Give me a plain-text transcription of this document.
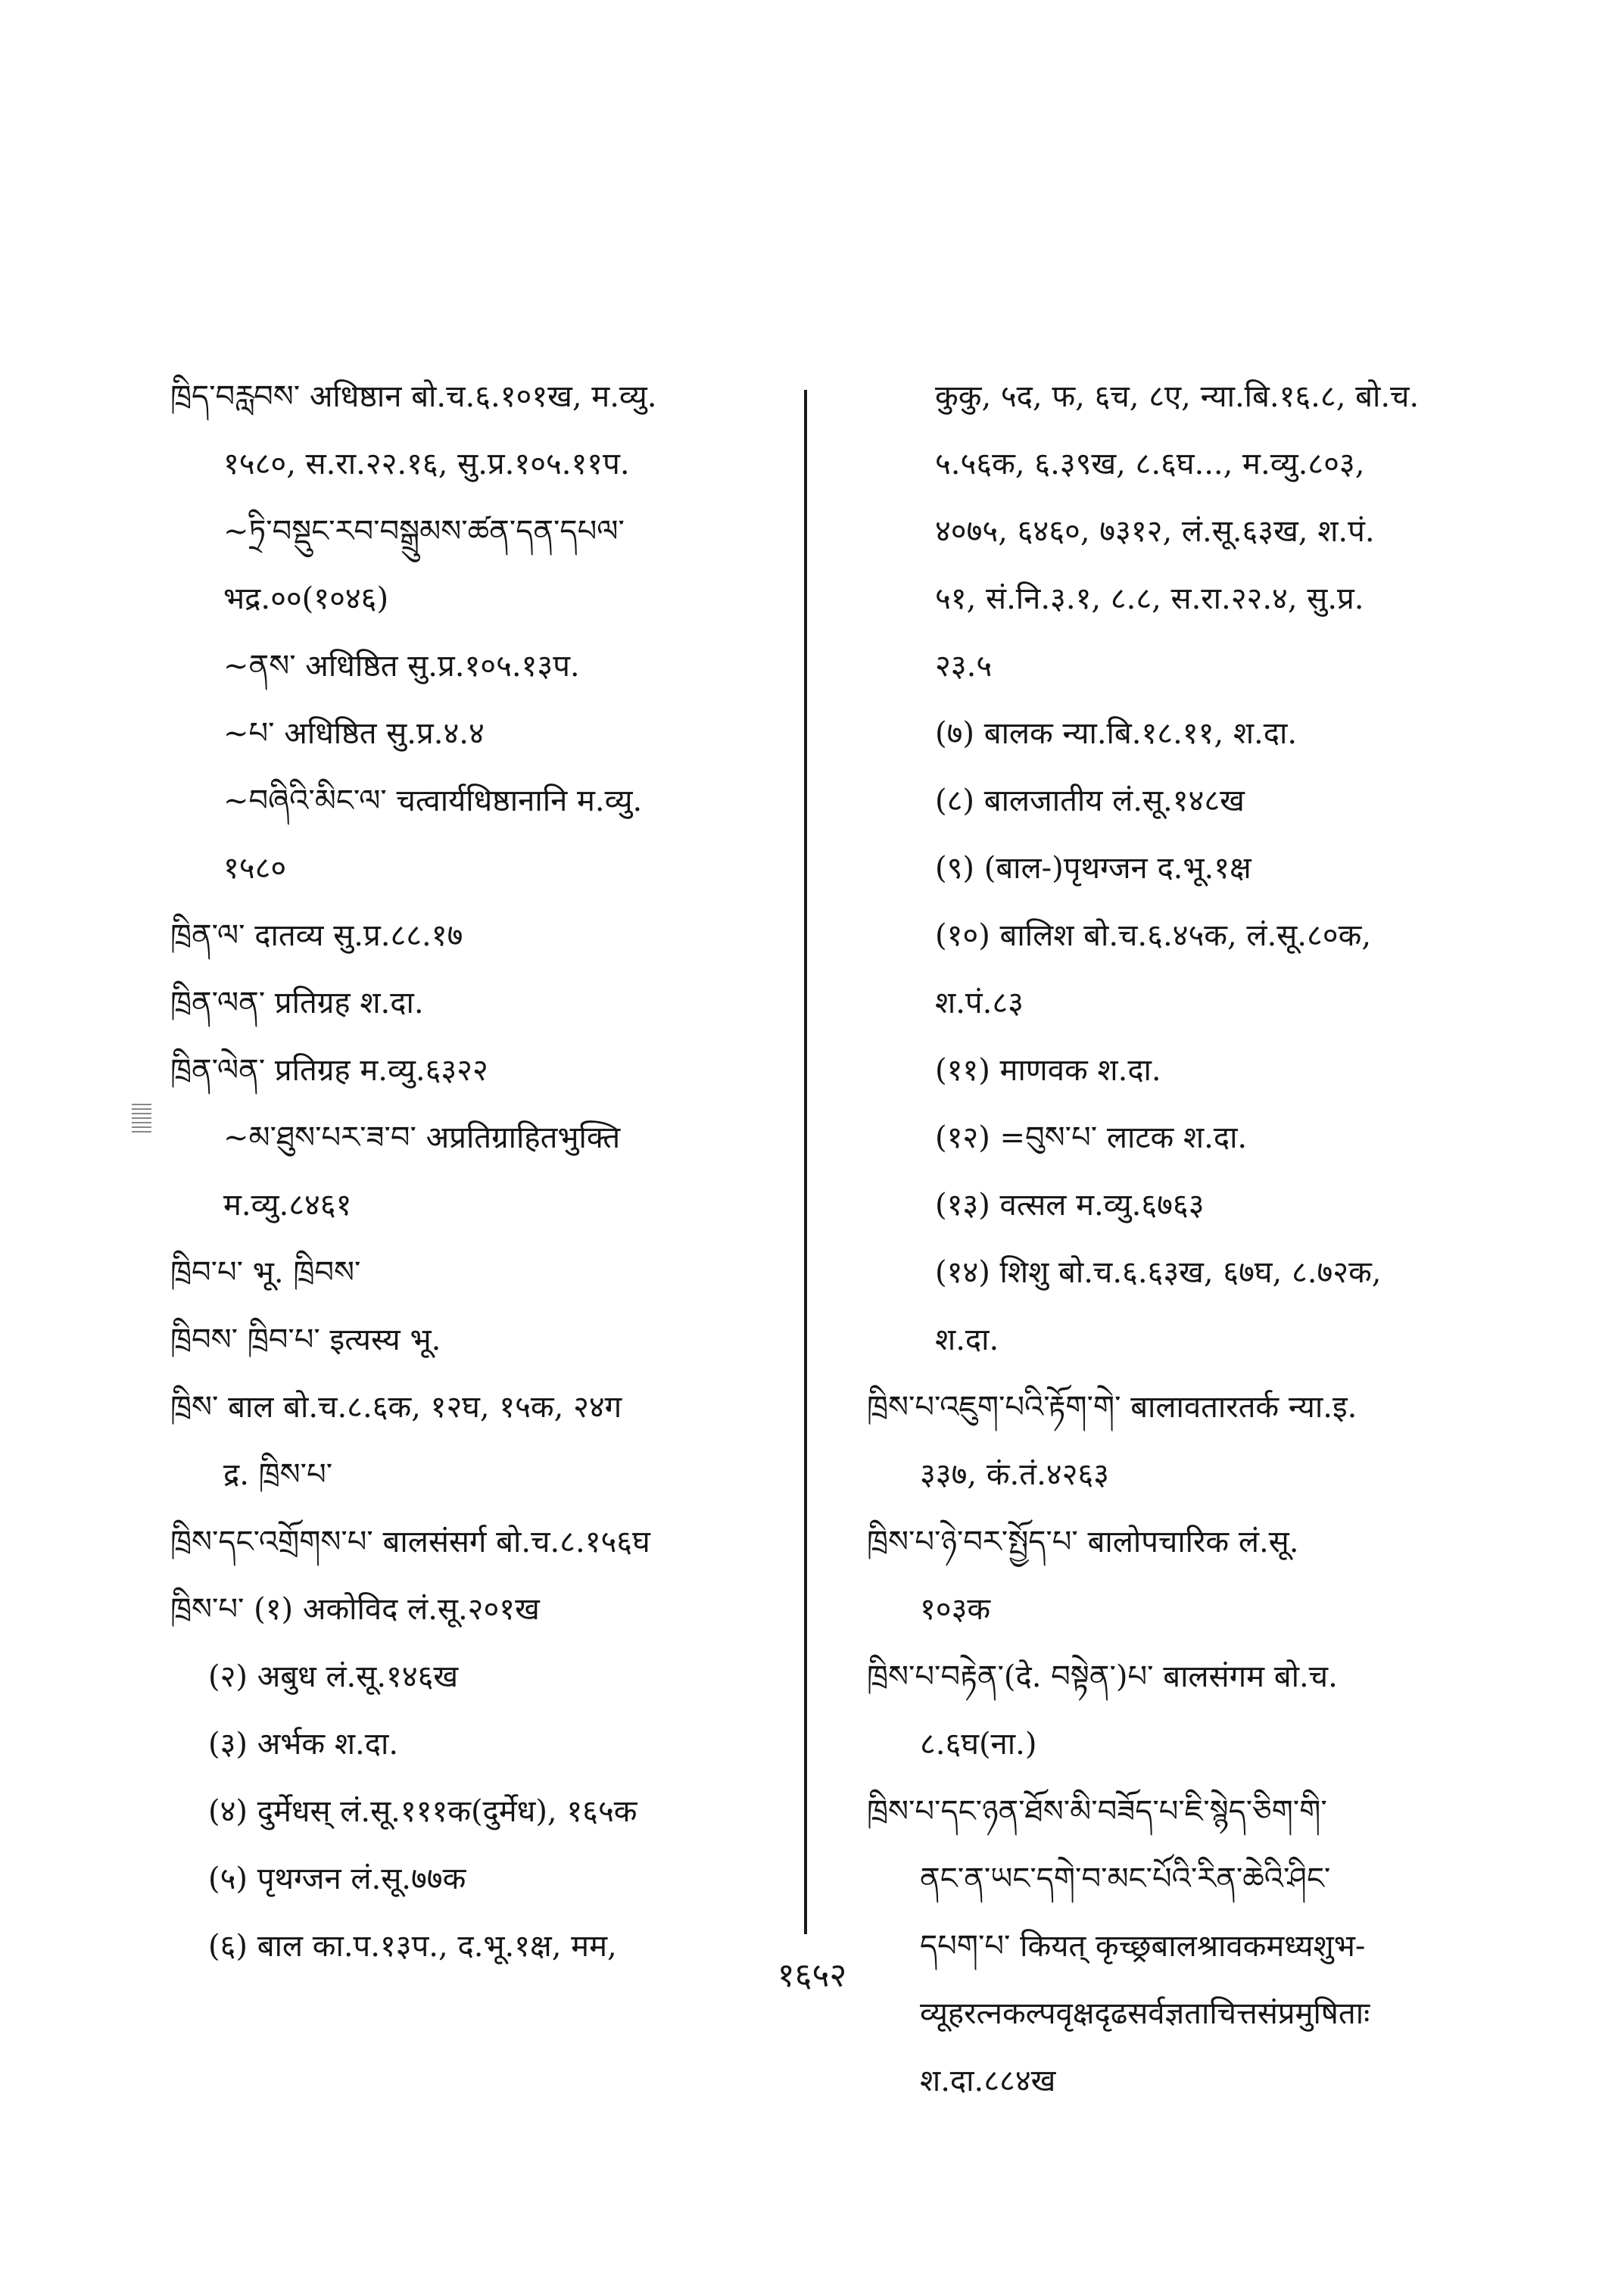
ཁྲིད་བརླབས་ अधिष्ठान बो.च.६.१०१ख, म.व्यु.
१५८०, स.रा.२२.१६, सु.प्र.१०५.११प.
~ཏྲི་བསྡུང་རབ་བསྒྲུམས་ཚན་དན་དཔལ་
भद्र.००(१०४६)
~ནས་ अधिष्ठित सु.प्र.१०५.१३प.
~པ་ अधिष्ठित सु.प्र.४.४
~བཞིའི་མིང་ལ་ चत्वार्यधिष्ठानानि म.व्यु.
१५८०
ཁྲིན་ལ་ दातव्य सु.प्र.८८.१७
ཁྲིན་ལན་ प्रतिग्रह श.दा.
ཁྲིན་ལེན་ प्रतिग्रह म.व्यु.६३२२
~མ་ཐུས་པར་ཟ་བ་ अप्रतिग्राहितभुक्ति
म.व्यु.८४६१
ཁྲིབ་པ་ भू. ཁྲིབས་
ཁྲིབས་ ཁྲིབ་པ་ इत्यस्य भू.
ཁྲིས་ बाल बो.च.८.६क, १२घ, १५क, २४ग
द्र. ཁྲིས་པ་
ཁྲིས་དང་འགྲོགས་པ་ बालसंसर्ग बो.च.८.१५६घ
ཁྲིས་པ་ (१) अकोविद लं.सू.२०१ख
(२) अबुध लं.सू.१४६ख
(३) अर्भक श.दा.
(४) दुर्मेधस् लं.सू.१११क(दुर्मेध), १६५क
(५) पृथग्जन लं.सू.७७क
(६) बाल का.प.१३प., द.भू.१क्ष, मम,
कुकु, ५द, फ, ६च, ८ए, न्या.बि.१६.८, बो.च.
५.५६क, ६.३९ख, ८.६घ..., म.व्यु.८०३,
४०७५, ६४६०, ७३१२, लं.सू.६३ख, श.पं.
५१, सं.नि.३.१, ८.८, स.रा.२२.४, सु.प्र.
२३.५
(७) बालक न्या.बि.१८.११, श.दा.
(८) बालजातीय लं.सू.१४८ख
(९) (बाल-)पृथग्जन द.भू.१क्ष
(१०) बालिश बो.च.६.४५क, लं.सू.८०क,
श.पं.८३
(११) माणवक श.दा.
(१२) =བུས་པ་ लाटक श.दा.
(१३) वत्सल म.व्यु.६७६३
(१४) शिशु बो.च.६.६३ख, ६७घ, ८.७२क,
श.दा.
ཁྲིས་པ་འཇུག་པའི་རྟོག་གེ་ बालावतारतर्क न्या.इ.
३३७, कं.तं.४२६३
ཁྲིས་པ་ཉེ་བར་སྤྱོད་པ་ बालोपचारिक लं.सू.
१०३क
ཁྲིས་པ་བརྟེན་(दे. བསྟེན་)པ་ बालसंगम बो.च.
८.६घ(ना.)
ཁྲིས་པ་དང་ཉན་ཐོས་མི་བཟོད་པ་ཇི་སྙེད་ཅིག་གི་
ནང་ན་ཡང་དགེ་བ་མང་པོའི་རིན་ཆེའི་ཤིང་
དཔག་པ་ कियत् कृच्छ्रबालश्रावकमध्यशुभ-
व्यूहरत्नकल्पवृक्षदृढसर्वज्ञताचित्तसंप्रमुषिताः
श.दा.८८४ख
१६५२
